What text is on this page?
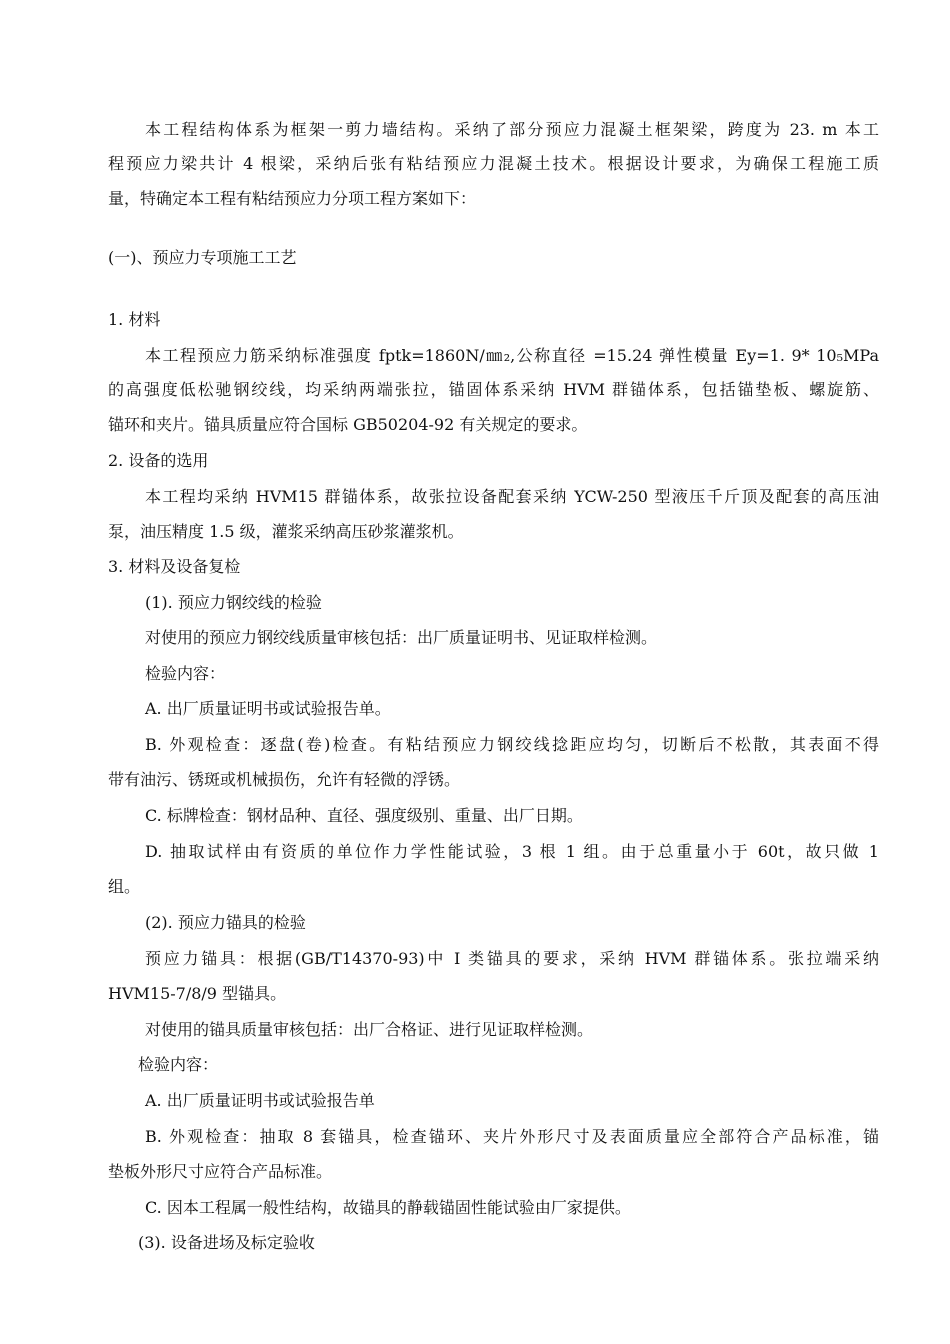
本工程结构体系为框架一剪力墙结构。采纳了部分预应力混凝土框架梁，跨度为 23. m 本工
程预应力梁共计 4 根梁，采纳后张有粘结预应力混凝土技术。根据设计要求，为确保工程施工质
量，特确定本工程有粘结预应力分项工程方案如下：
(一)、预应力专项施工工艺
1. 材料
本工程预应力筋采纳标准强度 fptk=1860N/㎜₂,公称直径 =15.24 弹性模量 Ey=1. 9* 10₅MPa
的高强度低松驰钢绞线，均采纳两端张拉，锚固体系采纳 HVM 群锚体系，包括锚垫板、螺旋筋、
锚环和夹片。锚具质量应符合国标 GB50204-92 有关规定的要求。
2. 设备的选用
本工程均采纳 HVM15 群锚体系，故张拉设备配套采纳 YCW-250 型液压千斤顶及配套的高压油
泵，油压精度 1.5 级，灌浆采纳高压砂浆灌浆机。
3. 材料及设备复检
(1). 预应力钢绞线的检验
对使用的预应力钢绞线质量审核包括：出厂质量证明书、见证取样检测。
检验内容：
A. 出厂质量证明书或试验报告单。
B. 外观检查：逐盘(卷)检查。有粘结预应力钢绞线捻距应均匀，切断后不松散，其表面不得
带有油污、锈斑或机械损伤，允许有轻微的浮锈。
C. 标牌检查：钢材品种、直径、强度级别、重量、出厂日期。
D. 抽取试样由有资质的单位作力学性能试验，3 根 1 组。由于总重量小于 60t，故只做 1
组。
(2). 预应力锚具的检验
预应力锚具：根据(GB/T14370-93)中 I 类锚具的要求，采纳 HVM 群锚体系。张拉端采纳
HVM15-7/8/9 型锚具。
对使用的锚具质量审核包括：出厂合格证、进行见证取样检测。
检验内容：
A. 出厂质量证明书或试验报告单
B. 外观检查：抽取 8 套锚具，检查锚环、夹片外形尺寸及表面质量应全部符合产品标准，锚
垫板外形尺寸应符合产品标准。
C. 因本工程属一般性结构，故锚具的静载锚固性能试验由厂家提供。
(3). 设备进场及标定验收
